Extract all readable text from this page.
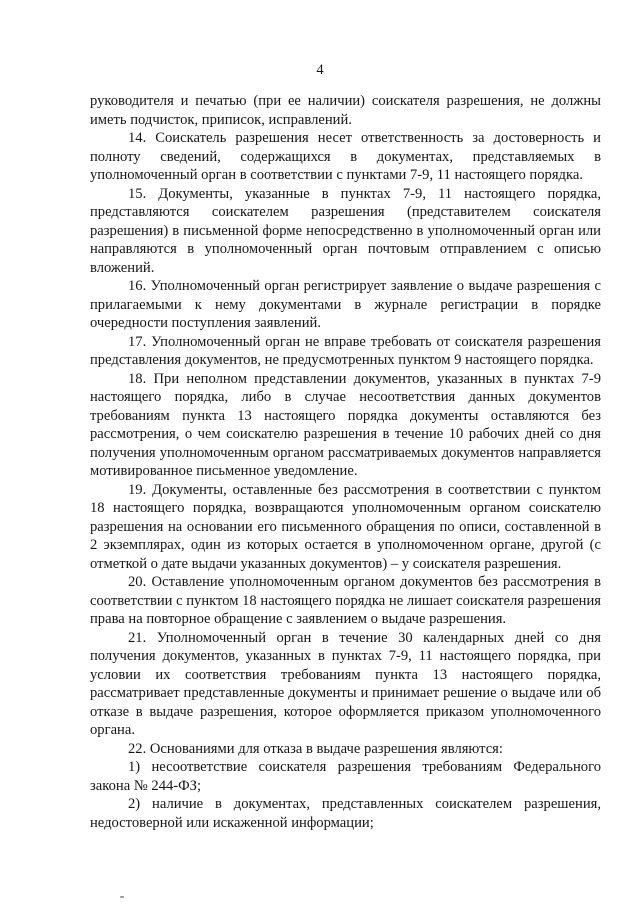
4

руководителя и печатью (при ее наличии) соискателя разрешения, не должны иметь подчисток, приписок, исправлений.

14. Соискатель разрешения несет ответственность за достоверность и полноту сведений, содержащихся в документах, представляемых в уполномоченный орган в соответствии с пунктами 7-9, 11 настоящего порядка.

15. Документы, указанные в пунктах 7-9, 11 настоящего порядка, представляются соискателем разрешения (представителем соискателя разрешения) в письменной форме непосредственно в уполномоченный орган или направляются в уполномоченный орган почтовым отправлением с описью вложений.

16. Уполномоченный орган регистрирует заявление о выдаче разрешения с прилагаемыми к нему документами в журнале регистрации в порядке очередности поступления заявлений.

17. Уполномоченный орган не вправе требовать от соискателя разрешения представления документов, не предусмотренных пунктом 9 настоящего порядка.

18. При неполном представлении документов, указанных в пунктах 7-9 настоящего порядка, либо в случае несоответствия данных документов требованиям пункта 13 настоящего порядка документы оставляются без рассмотрения, о чем соискателю разрешения в течение 10 рабочих дней со дня получения уполномоченным органом рассматриваемых документов направляется мотивированное письменное уведомление.

19. Документы, оставленные без рассмотрения в соответствии с пунктом 18 настоящего порядка, возвращаются уполномоченным органом соискателю разрешения на основании его письменного обращения по описи, составленной в 2 экземплярах, один из которых остается в уполномоченном органе, другой (с отметкой о дате выдачи указанных документов) – у соискателя разрешения.

20. Оставление уполномоченным органом документов без рассмотрения в соответствии с пунктом 18 настоящего порядка не лишает соискателя разрешения права на повторное обращение с заявлением о выдаче разрешения.

21. Уполномоченный орган в течение 30 календарных дней со дня получения документов, указанных в пунктах 7-9, 11 настоящего порядка, при условии их соответствия требованиям пункта 13 настоящего порядка, рассматривает представленные документы и принимает решение о выдаче или об отказе в выдаче разрешения, которое оформляется приказом уполномоченного органа.

22. Основаниями для отказа в выдаче разрешения являются:

1) несоответствие соискателя разрешения требованиям Федерального закона № 244-ФЗ;

2) наличие в документах, представленных соискателем разрешения, недостоверной или искаженной информации;
